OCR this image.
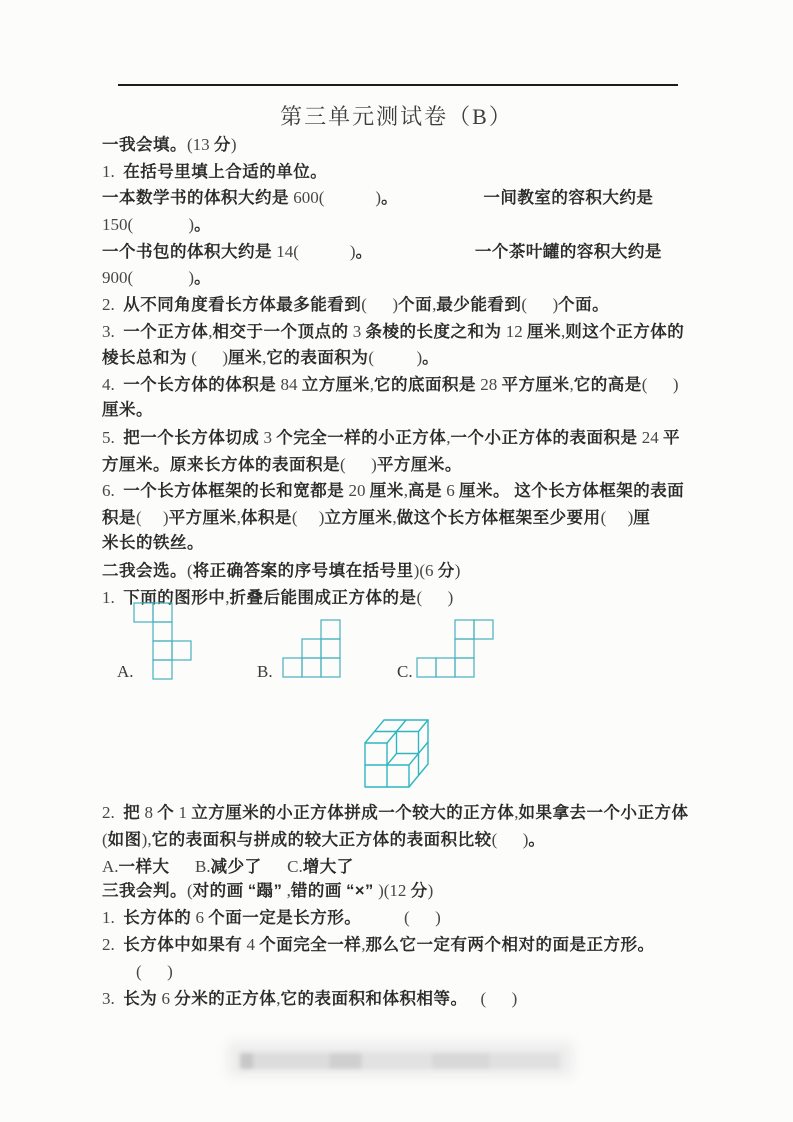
第三单元测试卷（B）
一我会填。(13 分)
1.  在括号里填上合适的单位。
一本数学书的体积大约是 600(            )。　　　　　  一间教室的容积大约是
150(             )。
一个书包的体积大约是 14(            )。　　　　　　  一个茶叶罐的容积大约是
900(             )。
2.  从不同角度看长方体最多能看到(      )个面,最少能看到(      )个面。
3.  一个正方体,相交于一个顶点的 3 条棱的长度之和为 12 厘米,则这个正方体的
棱长总和为 (      )厘米,它的表面积为(          )。
4.  一个长方体的体积是 84 立方厘米,它的底面积是 28 平方厘米,它的高是(      )
厘米。
5.  把一个长方体切成 3 个完全一样的小正方体,一个小正方体的表面积是 24 平
方厘米。原来长方体的表面积是(      )平方厘米。
6.  一个长方体框架的长和宽都是 20 厘米,高是 6 厘米。 这个长方体框架的表面
积是(     )平方厘米,体积是(     )立方厘米,做这个长方体框架至少要用(     )厘
米长的铁丝。
二我会选。(将正确答案的序号填在括号里)(6 分)
1.  下面的图形中,折叠后能围成正方体的是(      )
2.  把 8 个 1 立方厘米的小正方体拼成一个较大的正方体,如果拿去一个小正方体
(如图),它的表面积与拼成的较大正方体的表面积比较(      )。
A.一样大　  B.减少了　  C.增大了
三我会判。(对的画 “蹋” ,错的画 “×” )(12 分)
1.  长方体的 6 个面一定是长方形。　　　(      )
2.  长方体中如果有 4 个面完全一样,那么它一定有两个相对的面是正方形。
　　(      )
3.  长为 6 分米的正方体,它的表面积和体积相等。　 (      )
A.	B.	C.
